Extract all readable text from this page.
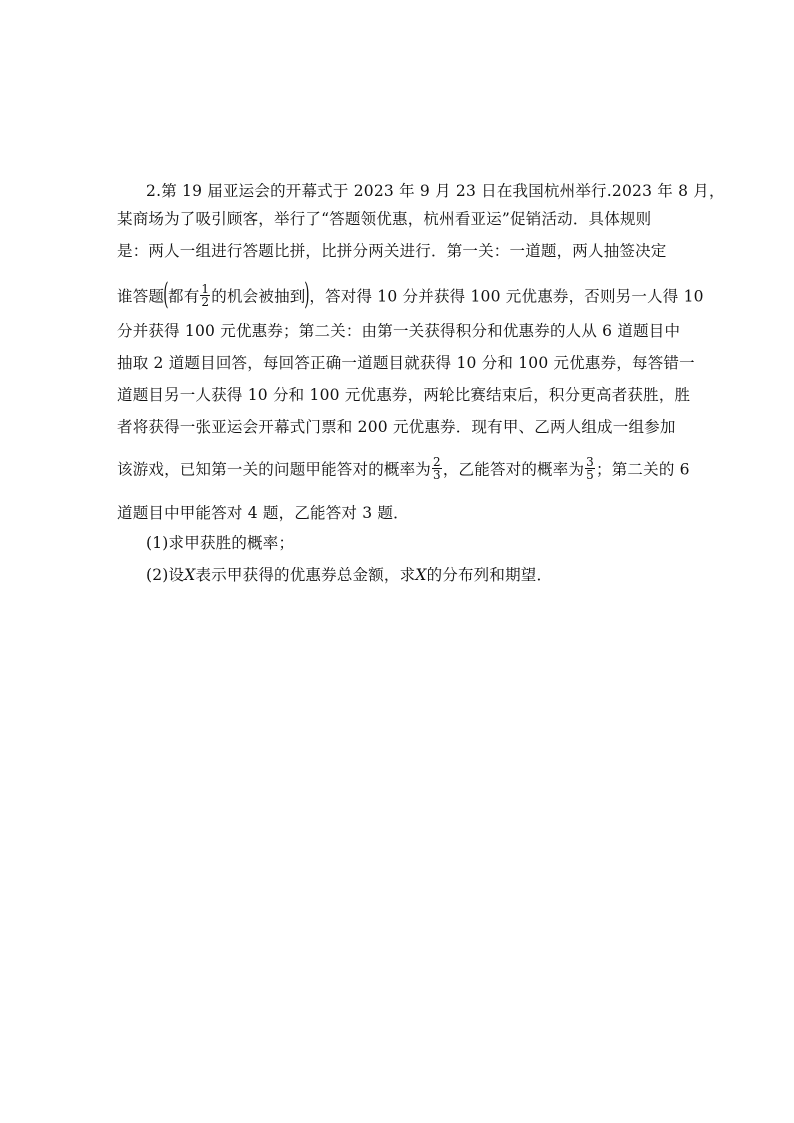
2.第 19 届亚运会的开幕式于 2023 年 9 月 23 日在我国杭州举行.2023 年 8 月，
某商场为了吸引顾客，举行了“答题领优惠，杭州看亚运”促销活动．具体规则
是：两人一组进行答题比拼，比拼分两关进行．第一关：一道题，两人抽签决定
谁答题(都有 $\frac{1}{2}$ 的机会被抽到)，答对得 10 分并获得 100 元优惠券，否则另一人得 10
分并获得 100 元优惠券；第二关：由第一关获得积分和优惠券的人从 6 道题目中
抽取 2 道题目回答，每回答正确一道题目就获得 10 分和 100 元优惠券，每答错一
道题目另一人获得 10 分和 100 元优惠券，两轮比赛结束后，积分更高者获胜，胜
者将获得一张亚运会开幕式门票和 200 元优惠券．现有甲、乙两人组成一组参加
该游戏，已知第一关的问题甲能答对的概率为 $\frac{2}{3}$ ，乙能答对的概率为 $\frac{3}{5}$ ；第二关的 6
道题目中甲能答对 4 题，乙能答对 3 题．
(1)求甲获胜的概率；
(2)设X表示甲获得的优惠券总金额，求X的分布列和期望．
